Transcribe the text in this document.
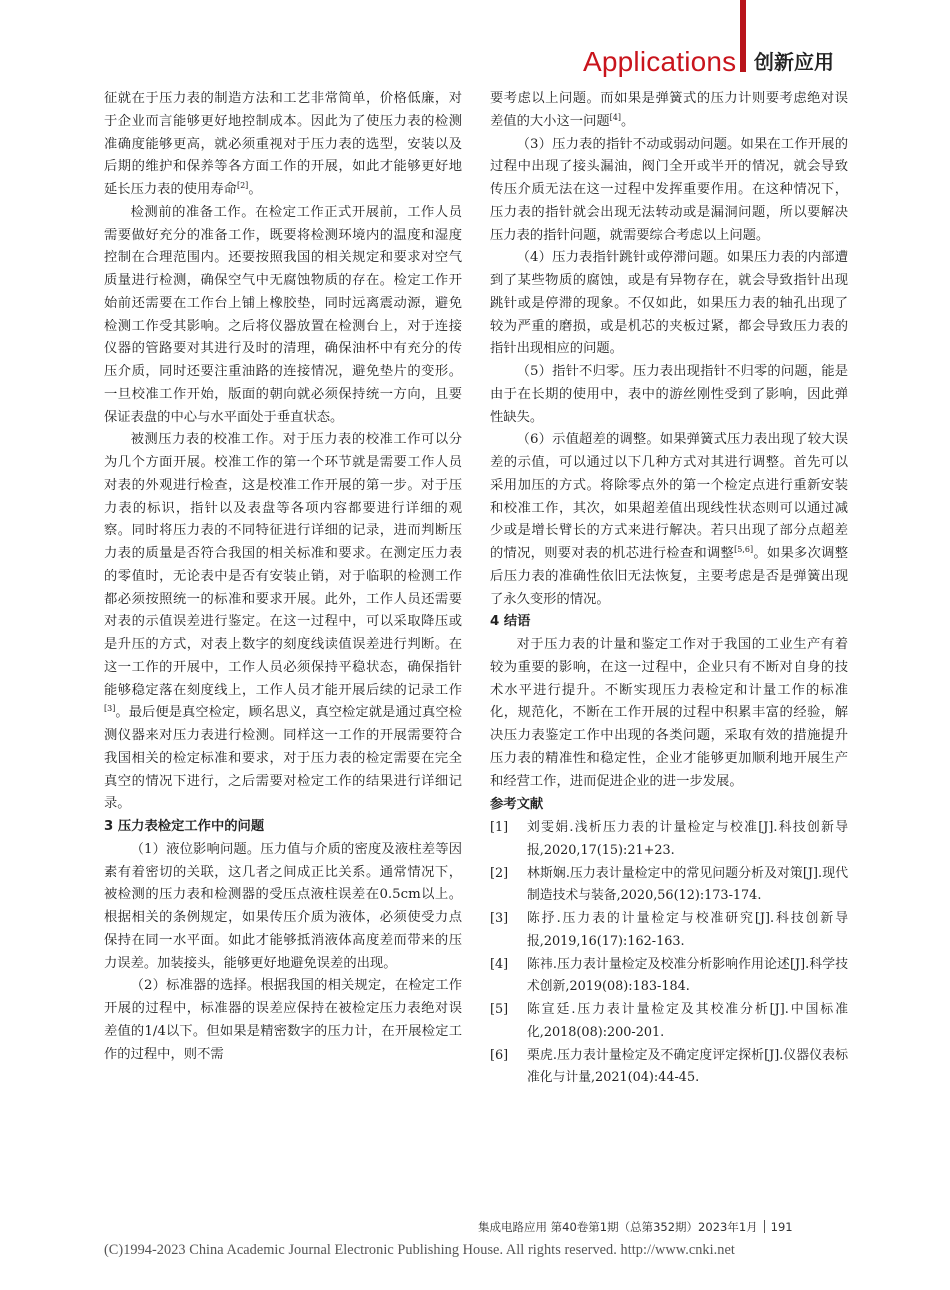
Applications 创新应用

征就在于压力表的制造方法和工艺非常简单，价格低廉，对于企业而言能够更好地控制成本。因此为了使压力表的检测准确度能够更高，就必须重视对于压力表的选型，安装以及后期的维护和保养等各方面工作的开展，如此才能够更好地延长压力表的使用寿命[2]。

检测前的准备工作。在检定工作正式开展前，工作人员需要做好充分的准备工作，既要将检测环境内的温度和湿度控制在合理范围内。还要按照我国的相关规定和要求对空气质量进行检测，确保空气中无腐蚀物质的存在。检定工作开始前还需要在工作台上铺上橡胶垫，同时远离震动源，避免检测工作受其影响。之后将仪器放置在检测台上，对于连接仪器的管路要对其进行及时的清理，确保油杯中有充分的传压介质，同时还要注重油路的连接情况，避免垫片的变形。一旦校准工作开始，版面的朝向就必须保持统一方向，且要保证表盘的中心与水平面处于垂直状态。

被测压力表的校准工作。对于压力表的校准工作可以分为几个方面开展。校准工作的第一个环节就是需要工作人员对表的外观进行检查，这是校准工作开展的第一步。对于压力表的标识，指针以及表盘等各项内容都要进行详细的观察。同时将压力表的不同特征进行详细的记录，进而判断压力表的质量是否符合我国的相关标准和要求。在测定压力表的零值时，无论表中是否有安装止销，对于临职的检测工作都必须按照统一的标准和要求开展。此外，工作人员还需要对表的示值误差进行鉴定。在这一过程中，可以采取降压或是升压的方式，对表上数字的刻度线读值误差进行判断。在这一工作的开展中，工作人员必须保持平稳状态，确保指针能够稳定落在刻度线上，工作人员才能开展后续的记录工作[3]。最后便是真空检定，顾名思义，真空检定就是通过真空检测仪器来对压力表进行检测。同样这一工作的开展需要符合我国相关的检定标准和要求，对于压力表的检定需要在完全真空的情况下进行，之后需要对检定工作的结果进行详细记录。

3 压力表检定工作中的问题

（1）液位影响问题。压力值与介质的密度及液柱差等因素有着密切的关联，这几者之间成正比关系。通常情况下，被检测的压力表和检测器的受压点液柱误差在0.5cm以上。根据相关的条例规定，如果传压介质为液体，必须使受力点保持在同一水平面。如此才能够抵消液体高度差而带来的压力误差。加装接头，能够更好地避免误差的出现。

（2）标准器的选择。根据我国的相关规定，在检定工作开展的过程中，标准器的误差应保持在被检定压力表绝对误差值的1/4以下。但如果是精密数字的压力计，在开展检定工作的过程中，则不需

要考虑以上问题。而如果是弹簧式的压力计则要考虑绝对误差值的大小这一问题[4]。

（3）压力表的指针不动或弱动问题。如果在工作开展的过程中出现了接头漏油，阀门全开或半开的情况，就会导致传压介质无法在这一过程中发挥重要作用。在这种情况下，压力表的指针就会出现无法转动或是漏洞问题，所以要解决压力表的指针问题，就需要综合考虑以上问题。

（4）压力表指针跳针或停滞问题。如果压力表的内部遭到了某些物质的腐蚀，或是有异物存在，就会导致指针出现跳针或是停滞的现象。不仅如此，如果压力表的轴孔出现了较为严重的磨损，或是机芯的夹板过紧，都会导致压力表的指针出现相应的问题。

（5）指针不归零。压力表出现指针不归零的问题，能是由于在长期的使用中，表中的游丝刚性受到了影响，因此弹性缺失。

（6）示值超差的调整。如果弹簧式压力表出现了较大误差的示值，可以通过以下几种方式对其进行调整。首先可以采用加压的方式。将除零点外的第一个检定点进行重新安装和校准工作，其次，如果超差值出现线性状态则可以通过减少或是增长臂长的方式来进行解决。若只出现了部分点超差的情况，则要对表的机芯进行检查和调整[5,6]。如果多次调整后压力表的准确性依旧无法恢复，主要考虑是否是弹簧出现了永久变形的情况。

4 结语

对于压力表的计量和鉴定工作对于我国的工业生产有着较为重要的影响，在这一过程中，企业只有不断对自身的技术水平进行提升。不断实现压力表检定和计量工作的标准化，规范化，不断在工作开展的过程中积累丰富的经验，解决压力表鉴定工作中出现的各类问题，采取有效的措施提升压力表的精准性和稳定性，企业才能够更加顺利地开展生产和经营工作，进而促进企业的进一步发展。

参考文献
[1]	刘雯娟.浅析压力表的计量检定与校准[J].科技创新导报,2020,17(15):21+23.
[2]	林斯娴.压力表计量检定中的常见问题分析及对策[J].现代制造技术与装备,2020,56(12):173-174.
[3]	陈抒.压力表的计量检定与校准研究[J].科技创新导报,2019,16(17):162-163.
[4]	陈祎.压力表计量检定及校准分析影响作用论述[J].科学技术创新,2019(08):183-184.
[5]	陈宣廷.压力表计量检定及其校准分析[J].中国标准化,2018(08):200-201.
[6]	栗虎.压力表计量检定及不确定度评定探析[J].仪器仪表标准化与计量,2021(04):44-45.
集成电路应用 第40卷第1期（总第352期）2023年1月 191
(C)1994-2023 China Academic Journal Electronic Publishing House. All rights reserved. http://www.cnki.net
